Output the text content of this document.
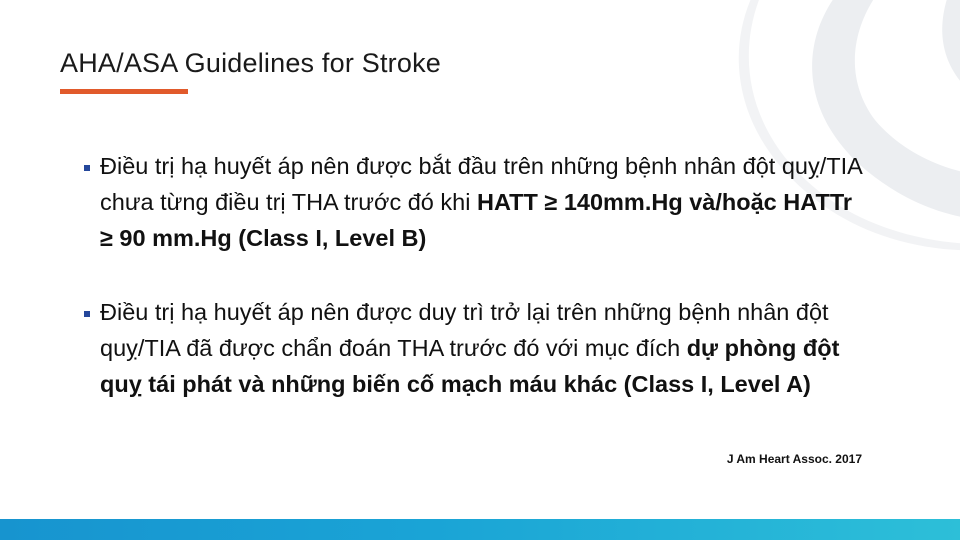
AHA/ASA Guidelines for Stroke
Điều trị hạ huyết áp nên được bắt đầu trên những bệnh nhân đột quỵ/TIA chưa từng điều trị THA trước đó khi HATT ≥ 140mm.Hg và/hoặc HATTr ≥ 90 mm.Hg (Class I, Level B)
Điều trị hạ huyết áp nên được duy trì trở lại trên những bệnh nhân đột quỵ/TIA đã được chẩn đoán THA trước đó với mục đích dự phòng đột quỵ tái phát và những biến cố mạch máu khác (Class I, Level A)
J Am Heart Assoc. 2017
